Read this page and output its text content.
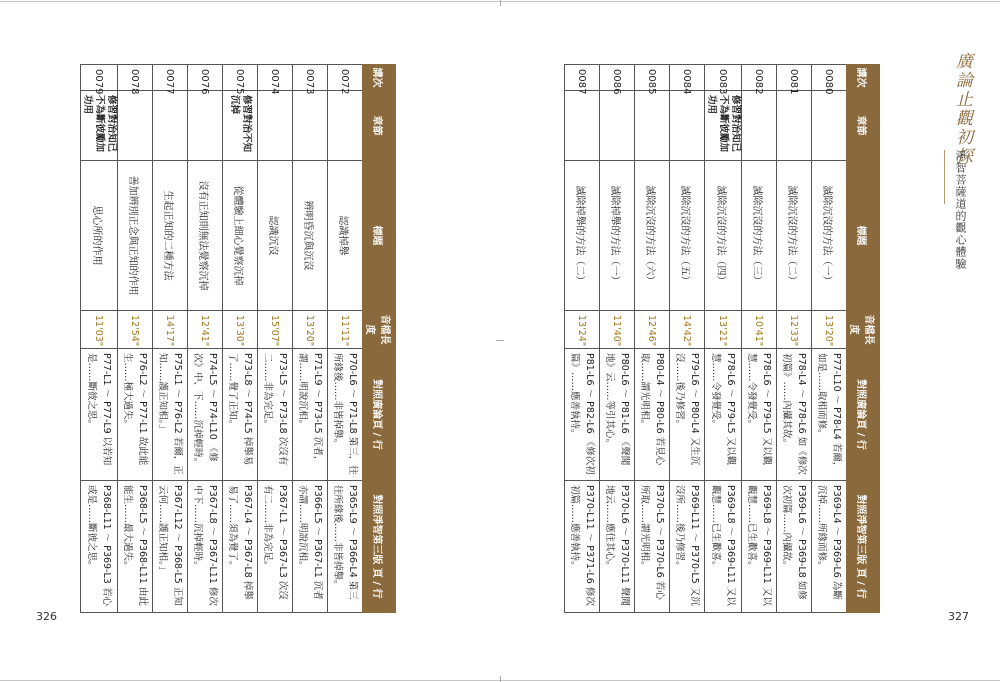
326	327
廣論止觀初探
淨智菩薩道的觀心體驗
講次	章節	標題	音檔長度	對照廣論頁 / 行	對照淨智第三版 頁 / 行
0072		認識掉舉	11'11"	P70-L6 ～ P71-L8 第三，往所緣後……非皆掉舉。	P365-L9 ～ P366-L4 第三往所緣後……非皆掉舉。
0073		辨明昏沉與沉沒	13'20"	P71-L9 ～ P73-L5 沉者，謂……明說沉相。	P366-L5 ～ P367-L1 沉者亦謂……明說沉相。
0074		認識沉沒	15'07"	P73-L5 ～ P73-L8 次沒有二……非為完足。	P367-L1 ～ P367-L3 次沒有二……非為完足。
0075	修習對治不知沉掉	從體驗上細心覺察沉掉	13'30"	P73-L8 ～ P74-L5 掉舉易了……覺了正知。	P367-L4 ～ P367-L8 掉舉易了……須為覺了。
0076		沒有正知則無法覺察沉掉	12'41"	P74-L5 ～ P74-L10 《修次》中、下……沉掉輕時。	P367-L8 ～ P367-L11 修次中下……沉掉輕時。
0077		生起正知的二種方法	14'17"	P75-L1 ～ P76-L2 若爾，正知……護正知相。」	P367-L12 ～ P368-L5 正知云何……護正知相。」
0078		善加辨別正念與正知的作用	12'54"	P76-L2 ～ P77-L1 故此能生……極大過失。	P368-L5 ～ P368-L11 由此能生……最大過失。
0079	修習對治知已不為斷彼勵加功用	思心所的作用	11'03"	P77-L1 ～ P77-L9 以若知是……斷彼之思。	P368-L11 ～ P369-L3 若心或是……斷彼之思。
講次	章節	標題	音檔長度	對照廣論頁 / 行	對照淨智第三版 頁 / 行
0080		滅除沉沒的方法（一）	13'20"	P77-L10 ～ P78-L4 若爾，如是……取相而修。	P369-L4 ～ P369-L6 為斷沉掉……所緣而修。
0081		滅除沉沒的方法（二）	12'33"	P78-L4 ～ P78-L6 如《修次初篇》……內攝其故。	P369-L6 ～ P369-L8 如修次初篇……內攝故。
0082		滅除沉沒的方法（三）	10'41"	P78-L6 ～ P79-L5 又以觀慧……令發覺受。	P369-L8 ～ P369-L11 又以觀慧……已生歡喜。
0083	修習對治知已不為斷彼勵加功用	滅除沉沒的方法（四）	13'21"	P78-L6 ～ P79-L5 又以觀慧……令發覺受。	P369-L8 ～ P369-L11 又以觀慧……已生歡喜。
0084		滅除沉沒的方法（五）	14'42"	P79-L6 ～ P80-L4 又生沉沒……後乃修習。	P369-L11 ～ P370-L5 又沉沒所……後乃修習。
0085		滅除沉沒的方法（六）	12'46"	P80-L4 ～ P80-L6 若見心取……謂光明相。	P370-L5 ～ P370-L6 若心所取……謂光明相。
0086		滅除掉舉的方法（一）	11'40"	P80-L6 ～ P81-L6 《聲聞地》云……等引其心。	P370-L6 ～ P370-L11 聲聞地云……應住其心。
0087		滅除掉舉的方法（二）	13'24"	P81-L6 ～ P82-L6 《修次初篇》……應善執持。	P370-L11 ～ P371-L6 修次初篇……應善執持。
